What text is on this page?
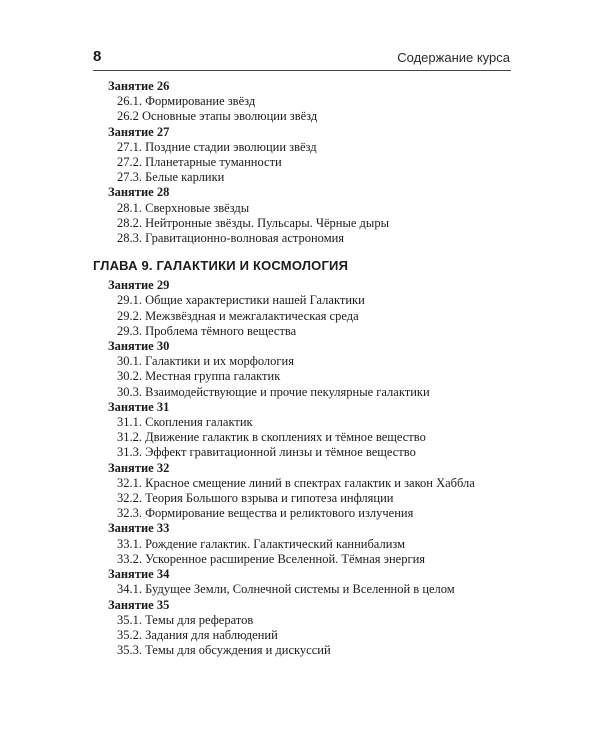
8	Содержание курса
Занятие 26
26.1. Формирование звёзд
26.2 Основные этапы эволюции звёзд
Занятие 27
27.1. Поздние стадии эволюции звёзд
27.2. Планетарные туманности
27.3. Белые карлики
Занятие 28
28.1. Сверхновые звёзды
28.2. Нейтронные звёзды. Пульсары. Чёрные дыры
28.3. Гравитационно-волновая астрономия
ГЛАВА 9. ГАЛАКТИКИ И КОСМОЛОГИЯ
Занятие 29
29.1. Общие характеристики нашей Галактики
29.2. Межзвёздная и межгалактическая среда
29.3. Проблема тёмного вещества
Занятие 30
30.1. Галактики и их морфология
30.2. Местная группа галактик
30.3. Взаимодействующие и прочие пекулярные галактики
Занятие 31
31.1. Скопления галактик
31.2. Движение галактик в скоплениях и тёмное вещество
31.3. Эффект гравитационной линзы и тёмное вещество
Занятие 32
32.1. Красное смещение линий в спектрах галактик и закон Хаббла
32.2. Теория Большого взрыва и гипотеза инфляции
32.3. Формирование вещества и реликтового излучения
Занятие 33
33.1. Рождение галактик. Галактический каннибализм
33.2. Ускоренное расширение Вселенной. Тёмная энергия
Занятие 34
34.1. Будущее Земли, Солнечной системы и Вселенной в целом
Занятие 35
35.1. Темы для рефератов
35.2. Задания для наблюдений
35.3. Темы для обсуждения и дискуссий
